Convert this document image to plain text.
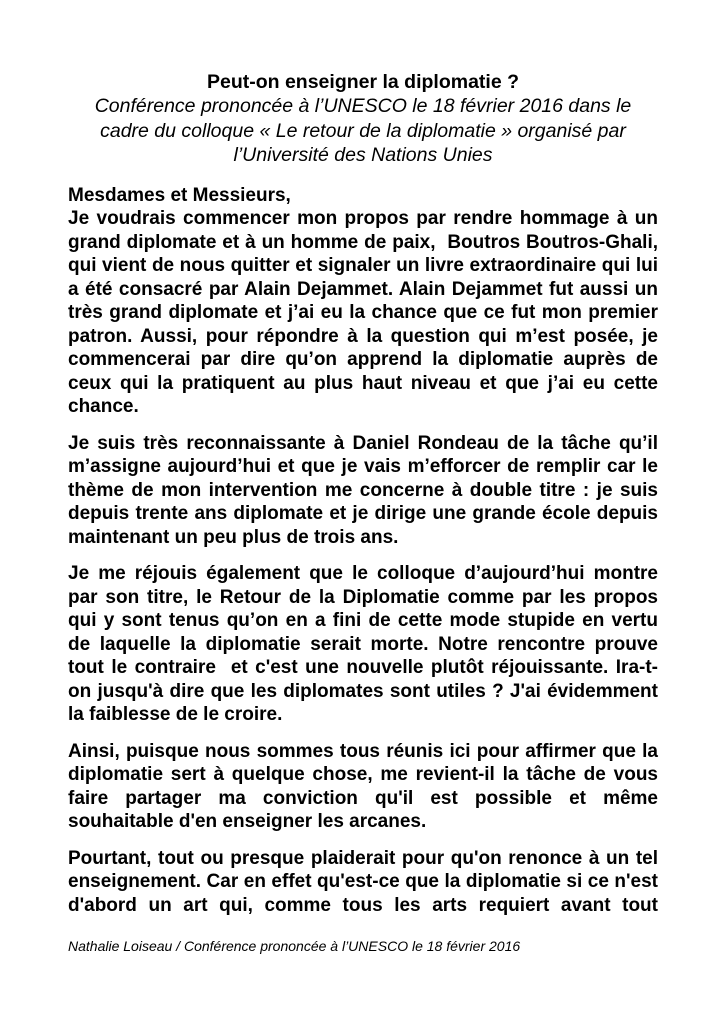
Peut-on enseigner la diplomatie ?
Conférence prononcée à l’UNESCO le 18 février 2016 dans le
cadre du colloque « Le retour de la diplomatie » organisé par
l’Université des Nations Unies

Mesdames et Messieurs,

Je voudrais commencer mon propos par rendre hommage à un grand diplomate et à un homme de paix,  Boutros Boutros-Ghali, qui vient de nous quitter et signaler un livre extraordinaire qui lui a été consacré par Alain Dejammet. Alain Dejammet fut aussi un très grand diplomate et j’ai eu la chance que ce fut mon premier patron. Aussi, pour répondre à la question qui m’est posée, je commencerai par dire qu’on apprend la diplomatie auprès de ceux qui la pratiquent au plus haut niveau et que j’ai eu cette chance.

Je suis très reconnaissante à Daniel Rondeau de la tâche qu’il m’assigne aujourd’hui et que je vais m’efforcer de remplir car le thème de mon intervention me concerne à double titre : je suis depuis trente ans diplomate et je dirige une grande école depuis maintenant un peu plus de trois ans.

Je me réjouis également que le colloque d’aujourd’hui montre par son titre, le Retour de la Diplomatie comme par les propos qui y sont tenus qu’on en a fini de cette mode stupide en vertu de laquelle la diplomatie serait morte. Notre rencontre prouve tout le contraire  et c'est une nouvelle plutôt réjouissante. Ira-t-on jusqu'à dire que les diplomates sont utiles ? J'ai évidemment la faiblesse de le croire.

Ainsi, puisque nous sommes tous réunis ici pour affirmer que la diplomatie sert à quelque chose, me revient-il la tâche de vous faire partager ma conviction qu'il est possible et même souhaitable d'en enseigner les arcanes.

Pourtant, tout ou presque plaiderait pour qu'on renonce à un tel enseignement. Car en effet qu'est-ce que la diplomatie si ce n'est d'abord un art qui, comme tous les arts requiert avant tout

Nathalie Loiseau / Conférence prononcée à l’UNESCO le 18 février 2016
